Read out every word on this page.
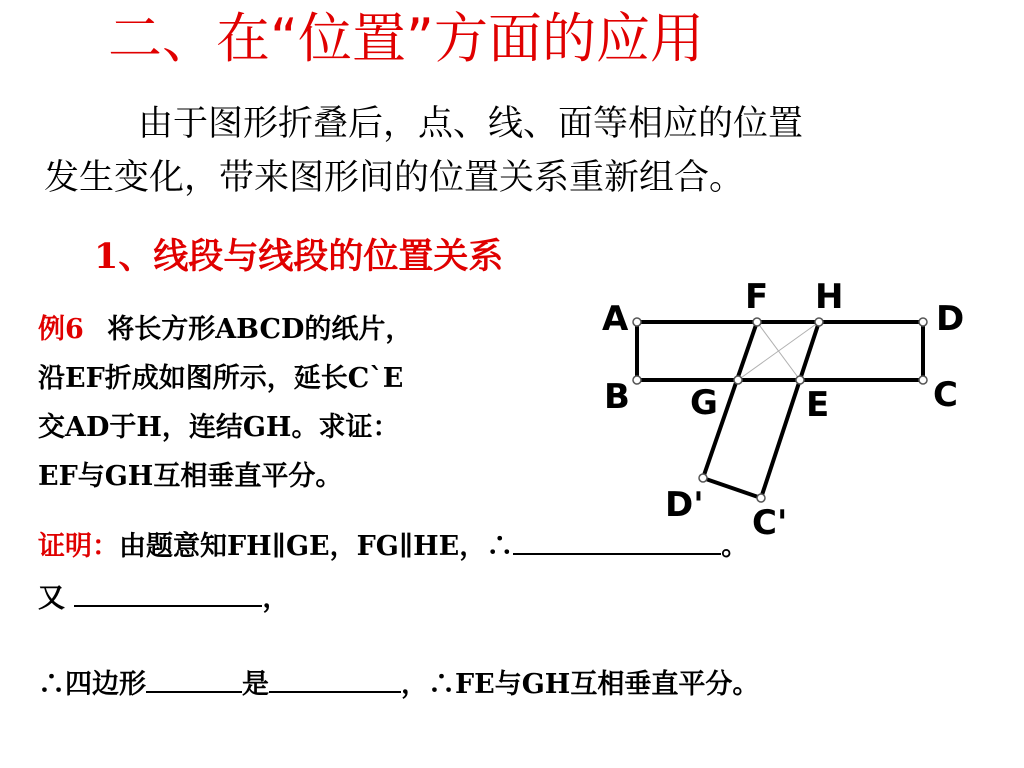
二、在“位置”方面的应用
由于图形折叠后，点、线、面等相应的位置
发生变化，带来图形间的位置关系重新组合。
1、线段与线段的位置关系
例6 将长方形ABCD的纸片，
沿EF折成如图所示，延长C`E
交AD于H，连结GH。求证：
EF与GH互相垂直平分。
A
F H
D
B G	E	C
D' C'
证明：由题意知FH∥GE，FG∥HE，∴	。
又	，
∴四边形	是	，∴FE与GH互相垂直平分。
